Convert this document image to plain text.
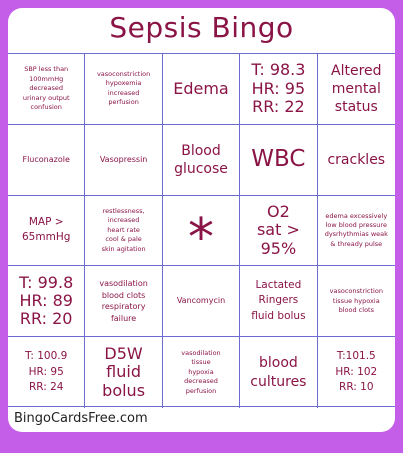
Sepsis Bingo
SBP less than
100mmHg
decreased
urinary output
confusion
vasoconstriction
hypoxemia
increased
perfusion
Edema
T: 98.3
HR: 95
RR: 22
Altered
mental
status
Fluconazole	Vasopressin
Blood
glucose WBC crackles
MAP >
65mmHg
restlessness,
increased
heart rate
cool & pale
skin agitation *	O2
sat >
95%
edema excessively
low blood pressure
dysrhythmias weak
& thready pulse
T: 99.8
HR: 89
RR: 20
vasodilation
blood clots
respiratory
failure
Vancomycin
Lactated
Ringers
fluid bolus
vasoconstriction
tissue hypoxia
blood clots
T: 100.9
HR: 95
RR: 24
D5W
fluid
bolus
vasodilation
tissue
hypoxia
decreased
perfusion
blood
cultures
T:101.5
HR: 102
RR: 10
BingoCardsFree.com
